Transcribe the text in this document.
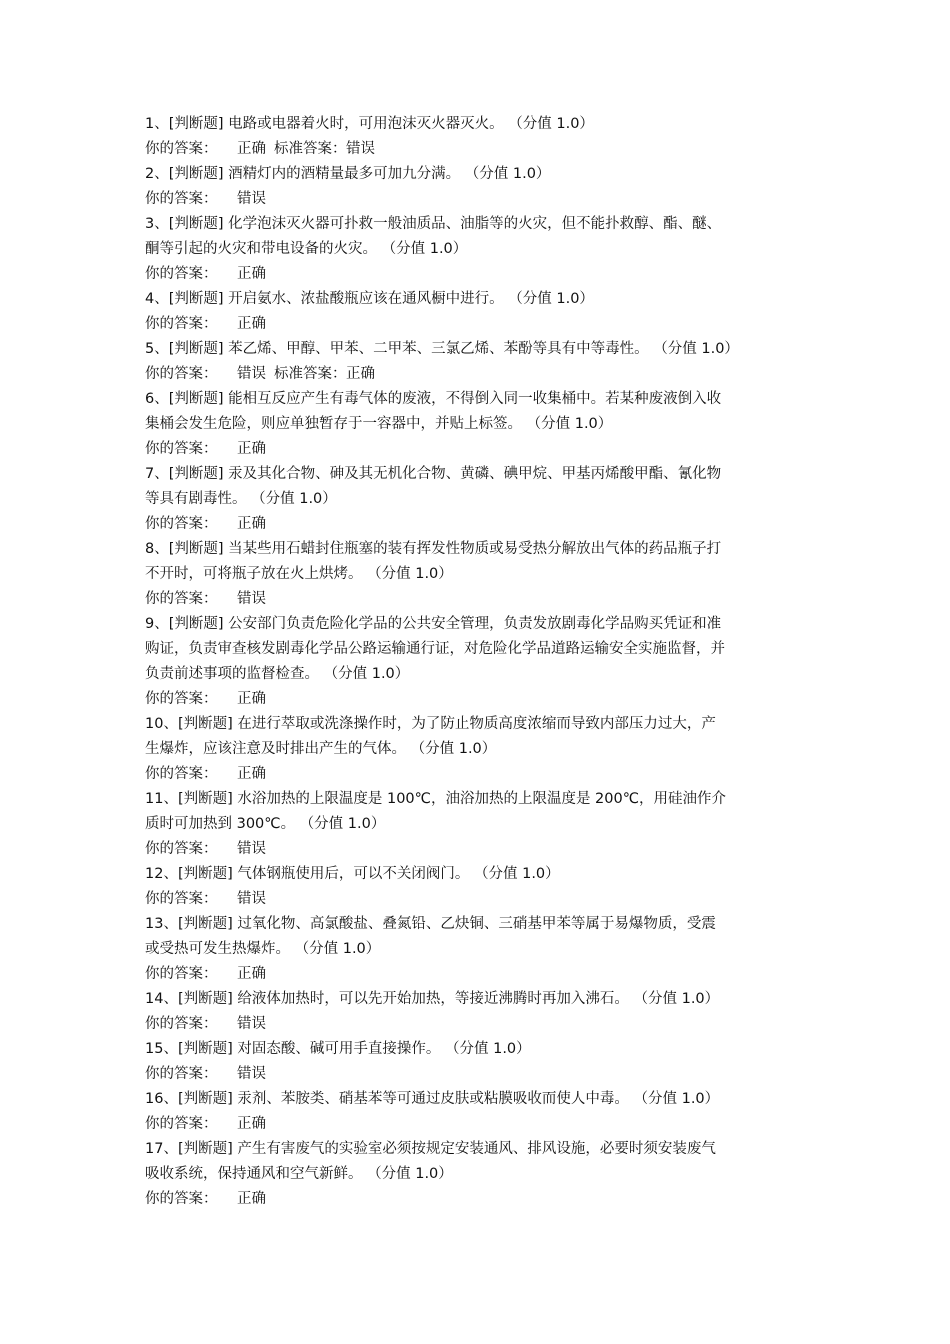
1、[判断题] 电路或电器着火时，可用泡沫灭火器灭火。 （分值 1.0）
你的答案： 正确 标准答案：错误
2、[判断题] 酒精灯内的酒精量最多可加九分满。 （分值 1.0）
你的答案： 错误
3、[判断题] 化学泡沫灭火器可扑救一般油质品、油脂等的火灾，但不能扑救醇、酯、醚、
酮等引起的火灾和带电设备的火灾。 （分值 1.0）
你的答案： 正确
4、[判断题] 开启氨水、浓盐酸瓶应该在通风橱中进行。 （分值 1.0）
你的答案： 正确
5、[判断题] 苯乙烯、甲醇、甲苯、二甲苯、三氯乙烯、苯酚等具有中等毒性。 （分值 1.0）
你的答案： 错误 标准答案：正确
6、[判断题] 能相互反应产生有毒气体的废液，不得倒入同一收集桶中。若某种废液倒入收
集桶会发生危险，则应单独暂存于一容器中，并贴上标签。 （分值 1.0）
你的答案： 正确
7、[判断题] 汞及其化合物、砷及其无机化合物、黄磷、碘甲烷、甲基丙烯酸甲酯、氰化物
等具有剧毒性。 （分值 1.0）
你的答案： 正确
8、[判断题] 当某些用石蜡封住瓶塞的装有挥发性物质或易受热分解放出气体的药品瓶子打
不开时，可将瓶子放在火上烘烤。 （分值 1.0）
你的答案： 错误
9、[判断题] 公安部门负责危险化学品的公共安全管理，负责发放剧毒化学品购买凭证和准
购证，负责审查核发剧毒化学品公路运输通行证，对危险化学品道路运输安全实施监督，并
负责前述事项的监督检查。 （分值 1.0）
你的答案： 正确
10、[判断题] 在进行萃取或洗涤操作时，为了防止物质高度浓缩而导致内部压力过大，产
生爆炸，应该注意及时排出产生的气体。 （分值 1.0）
你的答案： 正确
11、[判断题] 水浴加热的上限温度是 100℃，油浴加热的上限温度是 200℃，用硅油作介
质时可加热到 300℃。 （分值 1.0）
你的答案： 错误
12、[判断题] 气体钢瓶使用后，可以不关闭阀门。 （分值 1.0）
你的答案： 错误
13、[判断题] 过氧化物、高氯酸盐、叠氮铅、乙炔铜、三硝基甲苯等属于易爆物质，受震
或受热可发生热爆炸。 （分值 1.0）
你的答案： 正确
14、[判断题] 给液体加热时，可以先开始加热，等接近沸腾时再加入沸石。 （分值 1.0）
你的答案： 错误
15、[判断题] 对固态酸、碱可用手直接操作。 （分值 1.0）
你的答案： 错误
16、[判断题] 汞剂、苯胺类、硝基苯等可通过皮肤或粘膜吸收而使人中毒。 （分值 1.0）
你的答案： 正确
17、[判断题] 产生有害废气的实验室必须按规定安装通风、排风设施，必要时须安装废气
吸收系统，保持通风和空气新鲜。 （分值 1.0）
你的答案： 正确
